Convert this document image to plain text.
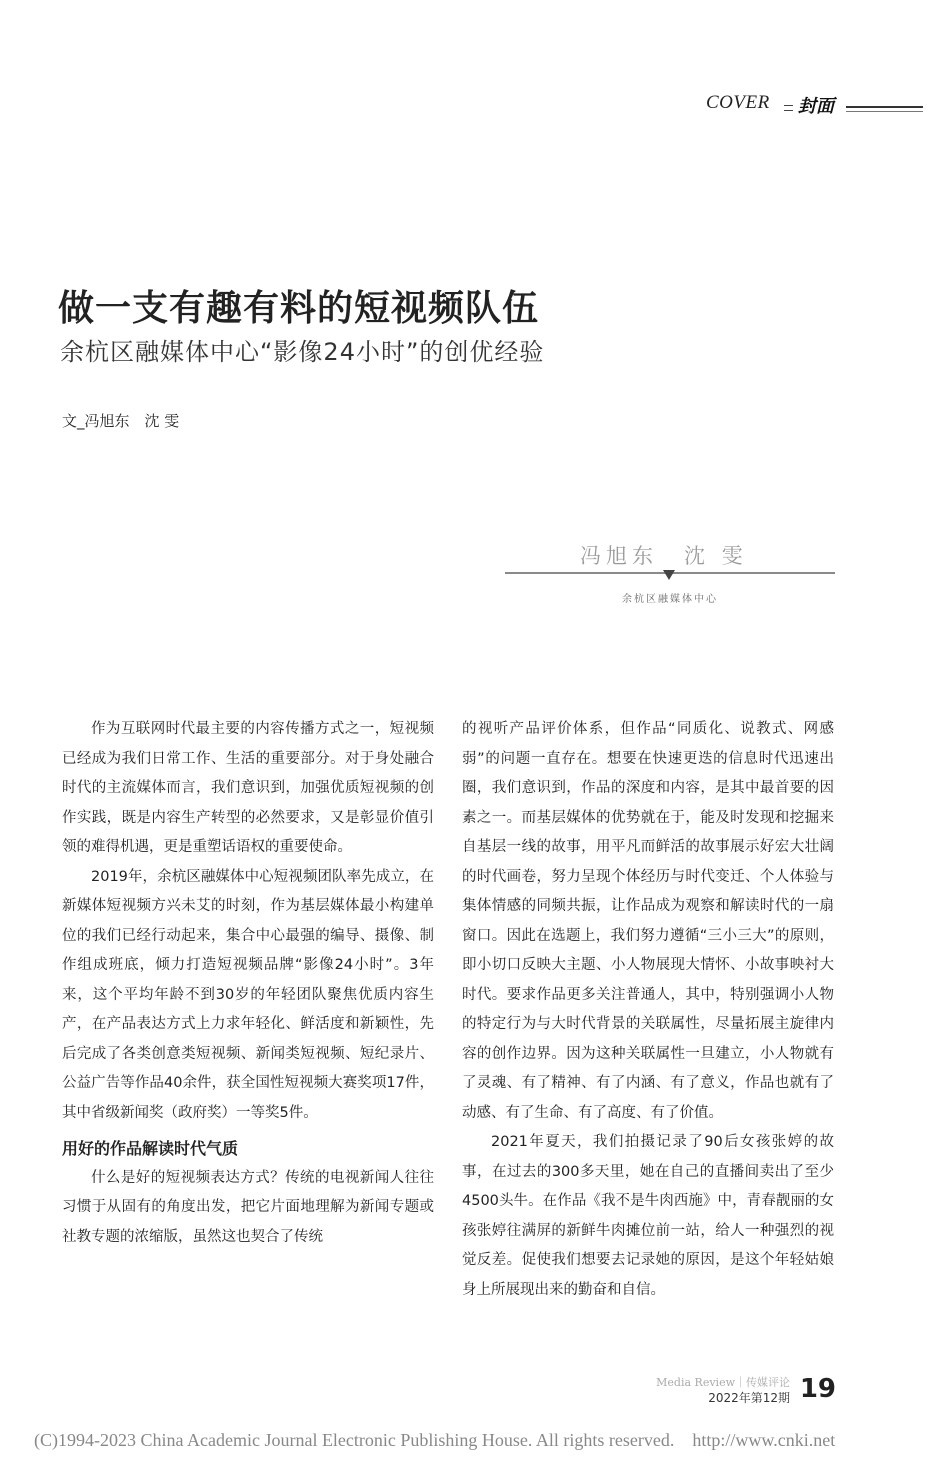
COVER 封面
做一支有趣有料的短视频队伍
余杭区融媒体中心“影像24小时”的创优经验
文_冯旭东　沈 雯
冯旭东　沈 雯
余杭区融媒体中心

作为互联网时代最主要的内容传播方式之一，短视频已经成为我们日常工作、生活的重要部分。对于身处融合时代的主流媒体而言，我们意识到，加强优质短视频的创作实践，既是内容生产转型的必然要求，又是彰显价值引领的难得机遇，更是重塑话语权的重要使命。

2019年，余杭区融媒体中心短视频团队率先成立，在新媒体短视频方兴未艾的时刻，作为基层媒体最小构建单位的我们已经行动起来，集合中心最强的编导、摄像、制作组成班底，倾力打造短视频品牌“影像24小时”。3年来，这个平均年龄不到30岁的年轻团队聚焦优质内容生产，在产品表达方式上力求年轻化、鲜活度和新颖性，先后完成了各类创意类短视频、新闻类短视频、短纪录片、公益广告等作品40余件，获全国性短视频大赛奖项17件，其中省级新闻奖（政府奖）一等奖5件。

用好的作品解读时代气质

什么是好的短视频表达方式？传统的电视新闻人往往习惯于从固有的角度出发，把它片面地理解为新闻专题或社教专题的浓缩版，虽然这也契合了传统

的视听产品评价体系，但作品“同质化、说教式、网感弱”的问题一直存在。想要在快速更迭的信息时代迅速出圈，我们意识到，作品的深度和内容，是其中最首要的因素之一。而基层媒体的优势就在于，能及时发现和挖掘来自基层一线的故事，用平凡而鲜活的故事展示好宏大壮阔的时代画卷，努力呈现个体经历与时代变迁、个人体验与集体情感的同频共振，让作品成为观察和解读时代的一扇窗口。因此在选题上，我们努力遵循“三小三大”的原则，即小切口反映大主题、小人物展现大情怀、小故事映衬大时代。要求作品更多关注普通人，其中，特别强调小人物的特定行为与大时代背景的关联属性，尽量拓展主旋律内容的创作边界。因为这种关联属性一旦建立，小人物就有了灵魂、有了精神、有了内涵、有了意义，作品也就有了动感、有了生命、有了高度、有了价值。

2021年夏天，我们拍摄记录了90后女孩张婷的故事，在过去的300多天里，她在自己的直播间卖出了至少4500头牛。在作品《我不是牛肉西施》中，青春靓丽的女孩张婷往满屏的新鲜牛肉摊位前一站，给人一种强烈的视觉反差。促使我们想要去记录她的原因，是这个年轻姑娘身上所展现出来的勤奋和自信。

Media Review｜传媒评论
2022年第12期 19
(C)1994-2023 China Academic Journal Electronic Publishing House. All rights reserved.　http://www.cnki.net
